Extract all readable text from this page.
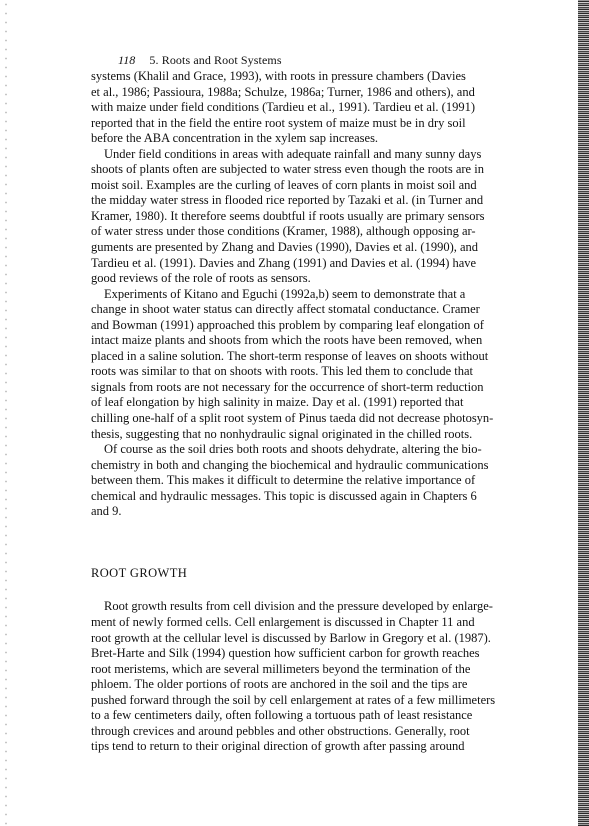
118 5. Roots and Root Systems
systems (Khalil and Grace, 1993), with roots in pressure chambers (Davies
et al., 1986; Passioura, 1988a; Schulze, 1986a; Turner, 1986 and others), and
with maize under field conditions (Tardieu et al., 1991). Tardieu et al. (1991)
reported that in the field the entire root system of maize must be in dry soil
before the ABA concentration in the xylem sap increases.
Under field conditions in areas with adequate rainfall and many sunny days
shoots of plants often are subjected to water stress even though the roots are in
moist soil. Examples are the curling of leaves of corn plants in moist soil and
the midday water stress in flooded rice reported by Tazaki et al. (in Turner and
Kramer, 1980). It therefore seems doubtful if roots usually are primary sensors
of water stress under those conditions (Kramer, 1988), although opposing ar-
guments are presented by Zhang and Davies (1990), Davies et al. (1990), and
Tardieu et al. (1991). Davies and Zhang (1991) and Davies et al. (1994) have
good reviews of the role of roots as sensors.
Experiments of Kitano and Eguchi (1992a,b) seem to demonstrate that a
change in shoot water status can directly affect stomatal conductance. Cramer
and Bowman (1991) approached this problem by comparing leaf elongation of
intact maize plants and shoots from which the roots have been removed, when
placed in a saline solution. The short-term response of leaves on shoots without
roots was similar to that on shoots with roots. This led them to conclude that
signals from roots are not necessary for the occurrence of short-term reduction
of leaf elongation by high salinity in maize. Day et al. (1991) reported that
chilling one-half of a split root system of Pinus taeda did not decrease photosyn-
thesis, suggesting that no nonhydraulic signal originated in the chilled roots.
Of course as the soil dries both roots and shoots dehydrate, altering the bio-
chemistry in both and changing the biochemical and hydraulic communications
between them. This makes it difficult to determine the relative importance of
chemical and hydraulic messages. This topic is discussed again in Chapters 6
and 9.
ROOT GROWTH
Root growth results from cell division and the pressure developed by enlarge-
ment of newly formed cells. Cell enlargement is discussed in Chapter 11 and
root growth at the cellular level is discussed by Barlow in Gregory et al. (1987).
Bret-Harte and Silk (1994) question how sufficient carbon for growth reaches
root meristems, which are several millimeters beyond the termination of the
phloem. The older portions of roots are anchored in the soil and the tips are
pushed forward through the soil by cell enlargement at rates of a few millimeters
to a few centimeters daily, often following a tortuous path of least resistance
through crevices and around pebbles and other obstructions. Generally, root
tips tend to return to their original direction of growth after passing around
